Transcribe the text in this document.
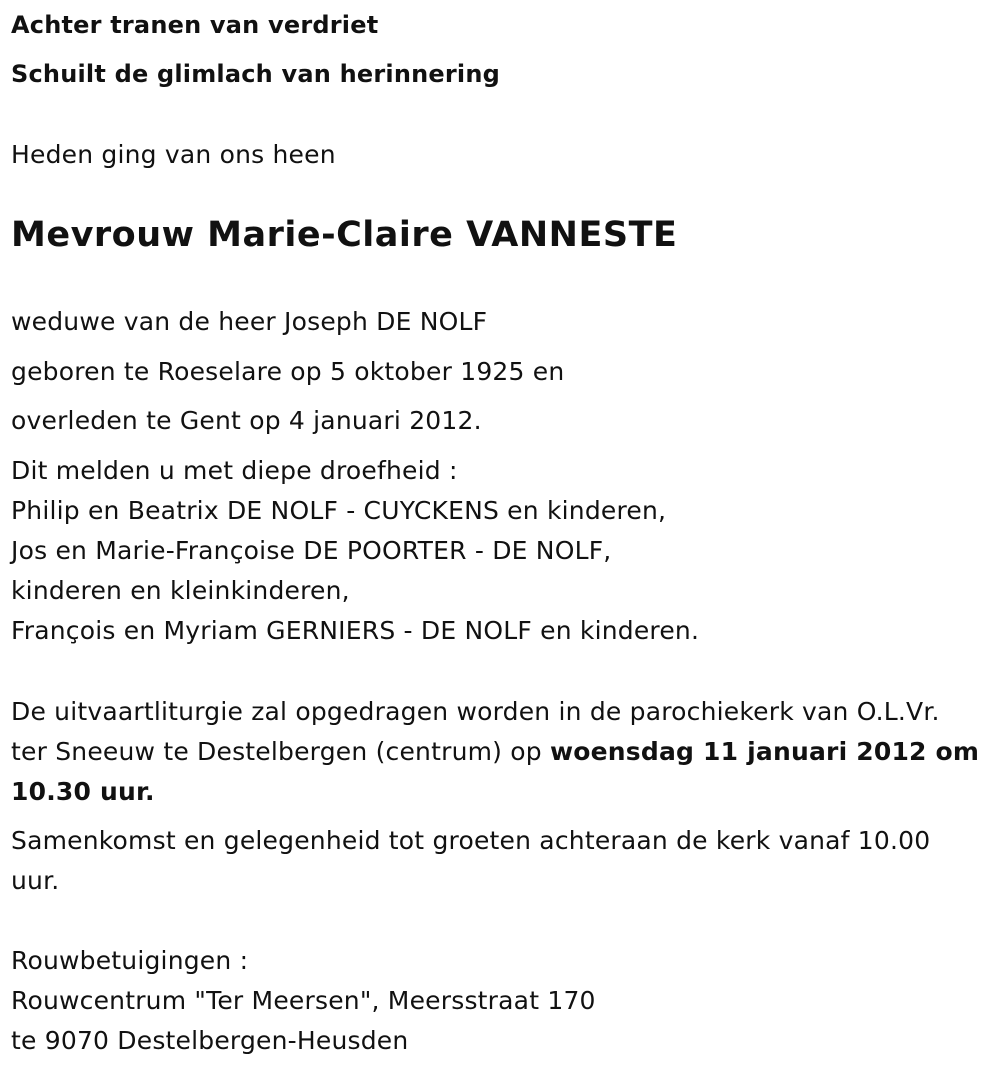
Achter tranen van verdriet
Schuilt de glimlach van herinnering
Heden ging van ons heen
Mevrouw Marie-Claire VANNESTE
weduwe van de heer Joseph DE NOLF
geboren te Roeselare op 5 oktober 1925 en
overleden te Gent op 4 januari 2012.
Dit melden u met diepe droefheid :
Philip en Beatrix DE NOLF - CUYCKENS en kinderen,
Jos en Marie-Françoise DE POORTER - DE NOLF,
kinderen en kleinkinderen,
François en Myriam GERNIERS - DE NOLF en kinderen.
De uitvaartliturgie zal opgedragen worden in de parochiekerk van O.L.Vr.
ter Sneeuw te Destelbergen (centrum) op woensdag 11 januari 2012 om
10.30 uur.
Samenkomst en gelegenheid tot groeten achteraan de kerk vanaf 10.00
uur.
Rouwbetuigingen :
Rouwcentrum "Ter Meersen", Meersstraat 170
te 9070 Destelbergen-Heusden
